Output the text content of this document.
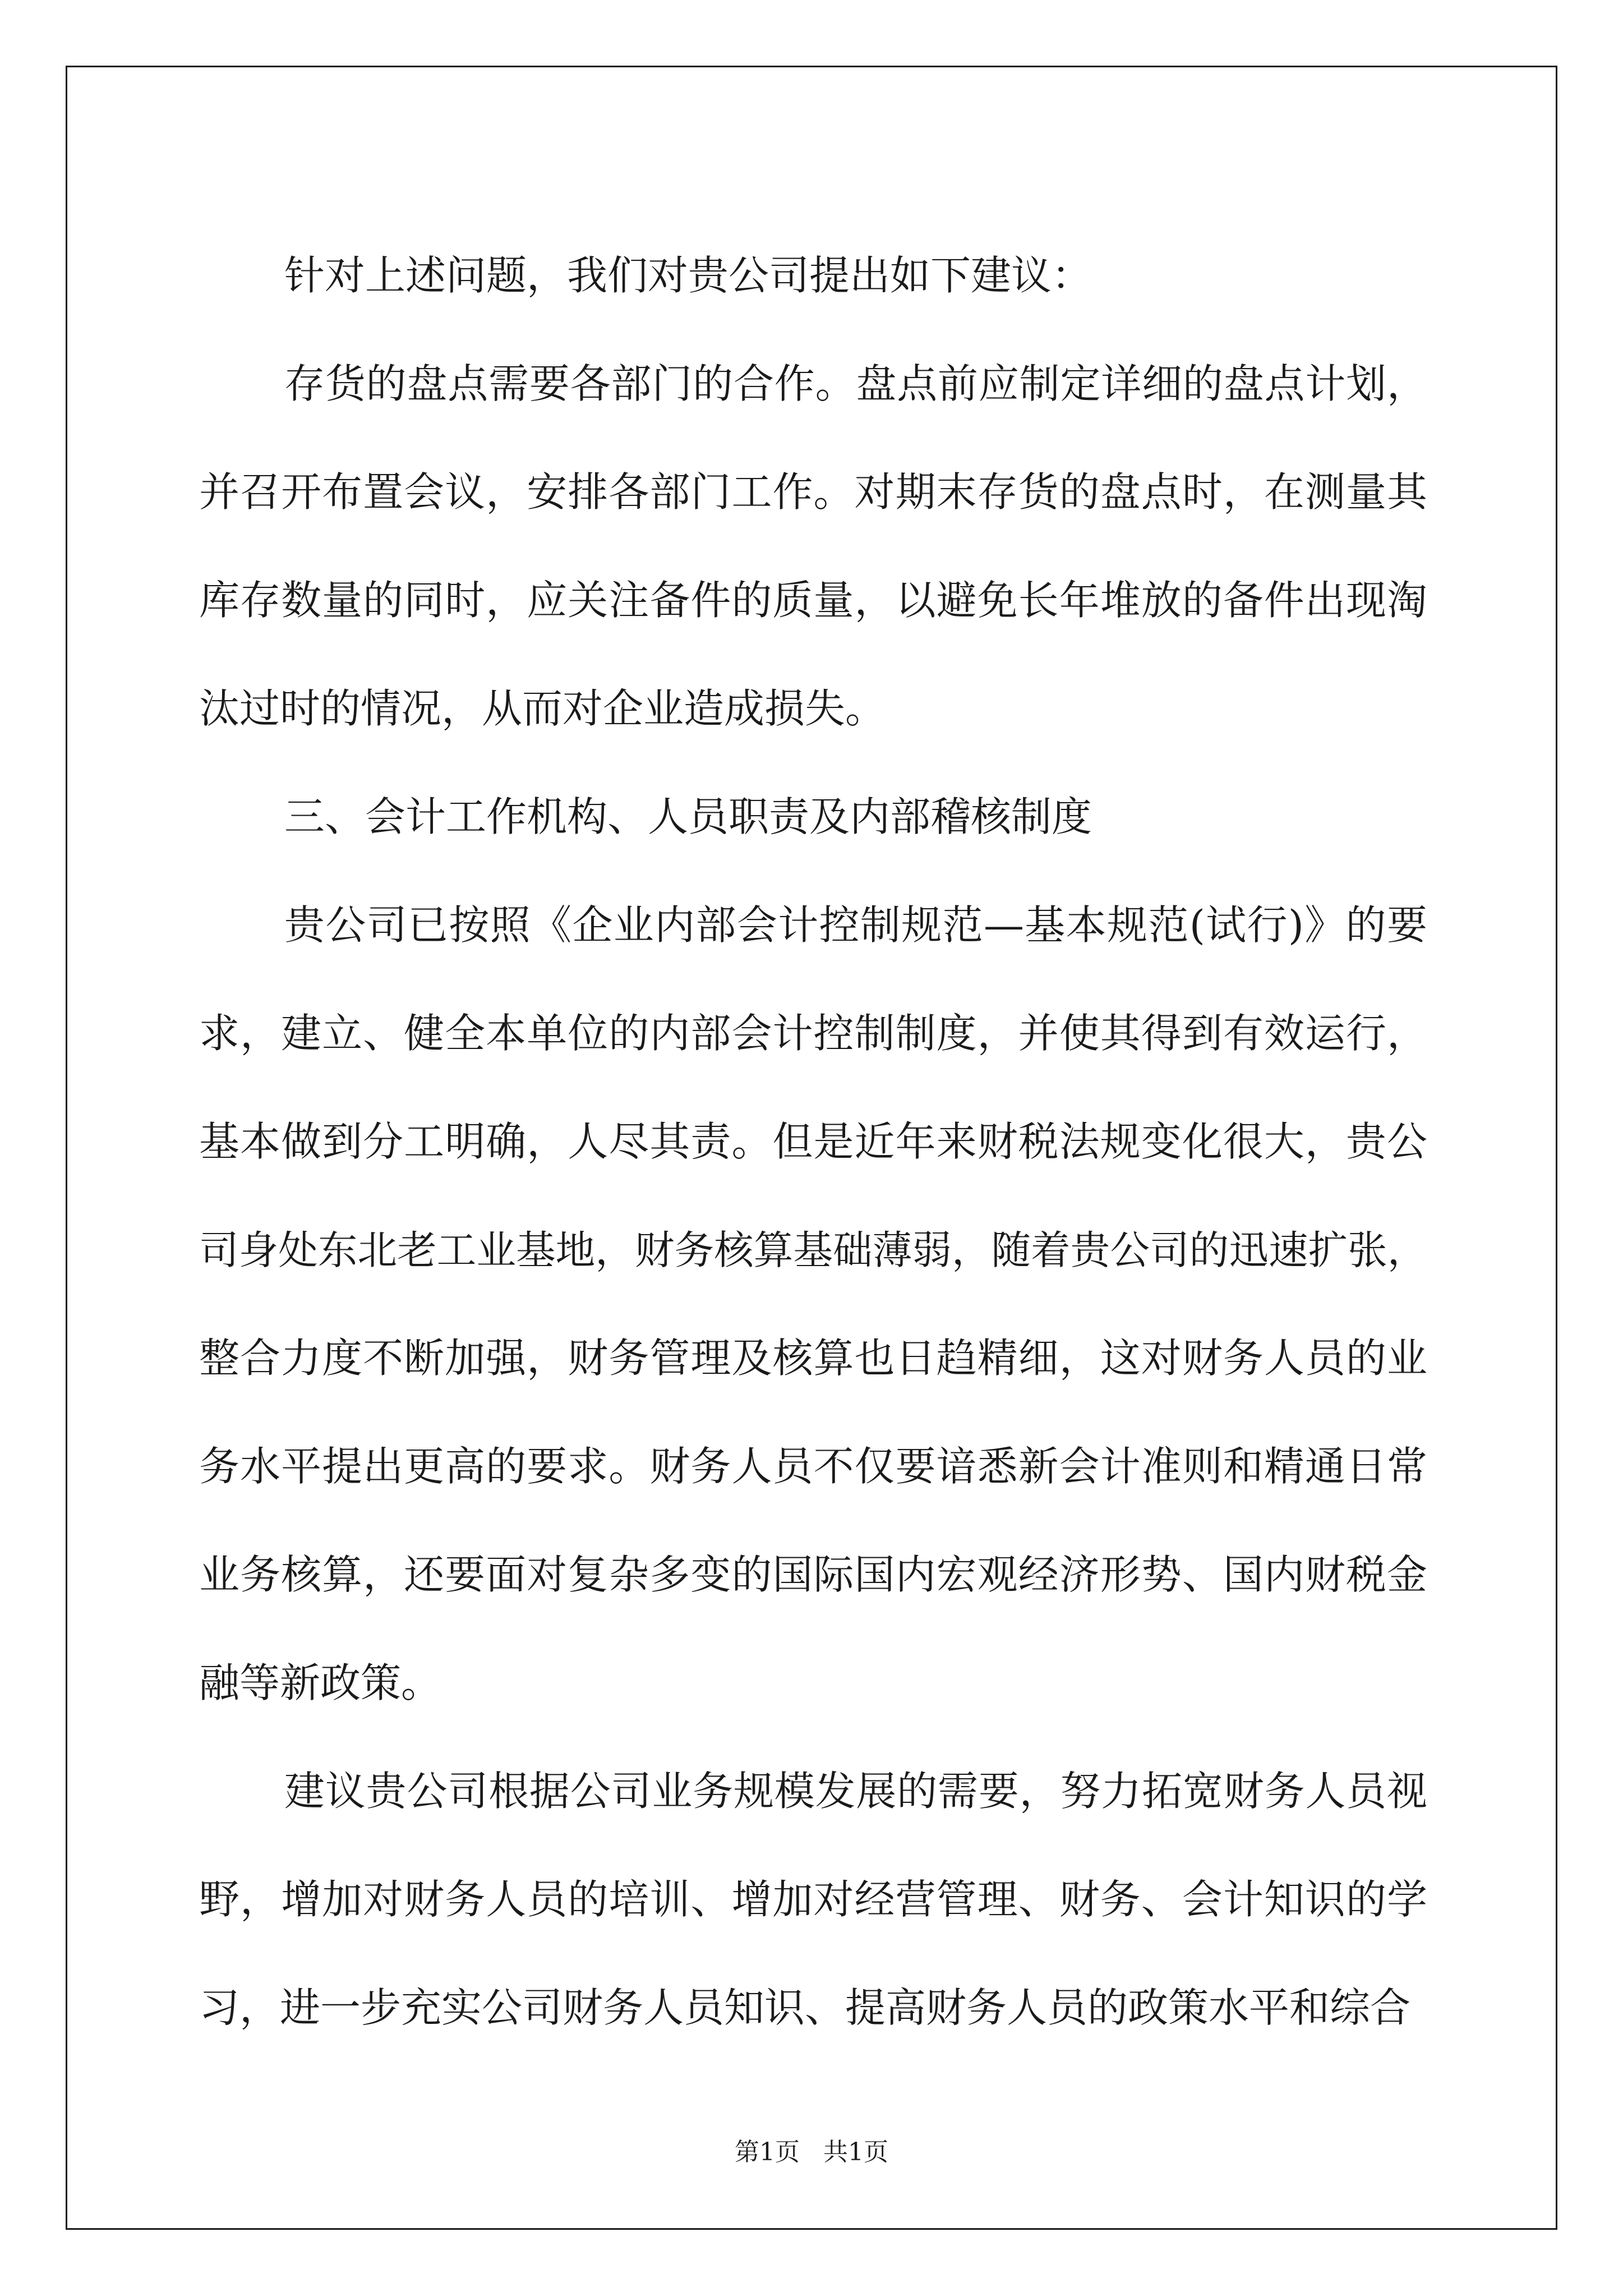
针对上述问题，我们对贵公司提出如下建议：
存货的盘点需要各部门的合作。盘点前应制定详细的盘点计划，
并召开布置会议，安排各部门工作。对期末存货的盘点时，在测量其
库存数量的同时，应关注备件的质量，以避免长年堆放的备件出现淘
汰过时的情况，从而对企业造成损失。
三、会计工作机构、人员职责及内部稽核制度
贵公司已按照《企业内部会计控制规范—基本规范(试行)》的要
求，建立、健全本单位的内部会计控制制度，并使其得到有效运行，
基本做到分工明确，人尽其责。但是近年来财税法规变化很大，贵公
司身处东北老工业基地，财务核算基础薄弱，随着贵公司的迅速扩张，
整合力度不断加强，财务管理及核算也日趋精细，这对财务人员的业
务水平提出更高的要求。财务人员不仅要谙悉新会计准则和精通日常
业务核算，还要面对复杂多变的国际国内宏观经济形势、国内财税金
融等新政策。
建议贵公司根据公司业务规模发展的需要，努力拓宽财务人员视
野，增加对财务人员的培训、增加对经营管理、财务、会计知识的学
习，进一步充实公司财务人员知识、提高财务人员的政策水平和综合
第1页 共1页
